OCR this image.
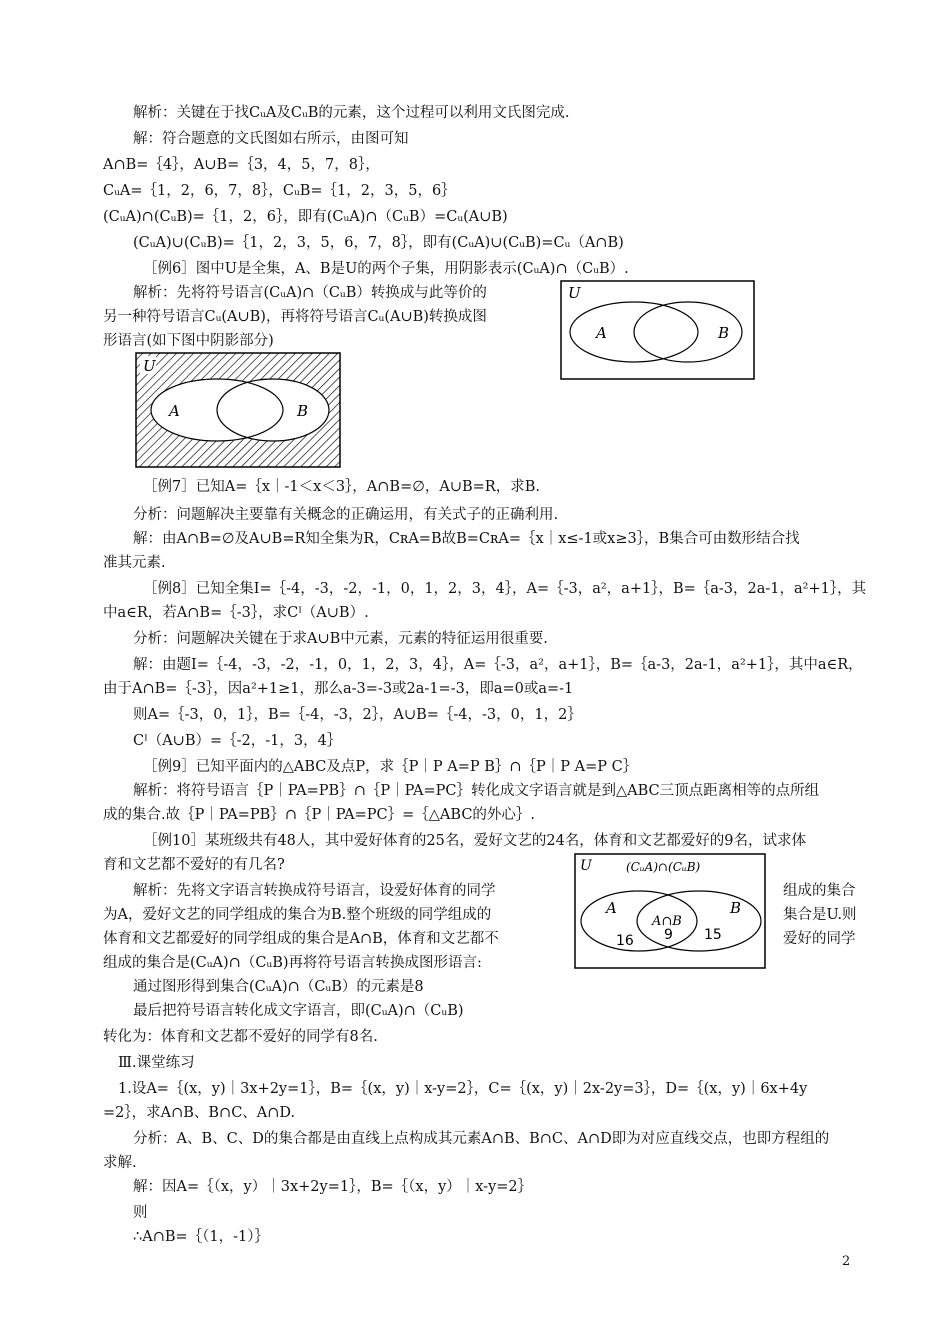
解析：关键在于找CᵤA及CᵤB的元素，这个过程可以利用文氏图完成.
解：符合题意的文氏图如右所示，由图可知
A∩B=｛4｝，A∪B=｛3，4，5，7，8｝，
CᵤA=｛1，2，6，7，8｝，CᵤB=｛1，2，3，5，6｝
(CᵤA)∩(CᵤB)=｛1，2，6｝，即有(CᵤA)∩（CᵤB）=Cᵤ(A∪B)
(CᵤA)∪(CᵤB)=｛1，2，3，5，6，7，8｝，即有(CᵤA)∪(CᵤB)=Cᵤ（A∩B)
［例6］图中U是全集，A、B是U的两个子集，用阴影表示(CᵤA)∩（CᵤB）.
解析：先将符号语言(CᵤA)∩（CᵤB）转换成与此等价的
另一种符号语言Cᵤ(A∪B)，再将符号语言Cᵤ(A∪B)转换成图
形语言(如下图中阴影部分)
［例7］已知A=｛x｜-1＜x＜3｝，A∩B=∅，A∪B=R，求B.
分析：问题解决主要靠有关概念的正确运用，有关式子的正确利用.
解：由A∩B=∅及A∪B=R知全集为R，CʀA=B故B=CʀA=｛x｜x≤-1或x≥3｝，B集合可由数形结合找
准其元素.
［例8］已知全集I=｛-4，-3，-2，-1，0，1，2，3，4｝，A=｛-3，a²，a+1｝，B=｛a-3，2a-1，a²+1｝，其
中a∈R，若A∩B=｛-3｝，求Cᴵ（A∪B）.
分析：问题解决关键在于求A∪B中元素，元素的特征运用很重要.
解：由题I=｛-4，-3，-2，-1，0，1，2，3，4｝，A=｛-3，a²，a+1｝，B=｛a-3，2a-1，a²+1｝，其中a∈R，
由于A∩B=｛-3｝，因a²+1≥1，那么a-3=-3或2a-1=-3，即a=0或a=-1
则A=｛-3，0，1｝，B=｛-4，-3，2｝，A∪B=｛-4，-3，0，1，2｝
Cᴵ（A∪B）=｛-2，-1，3，4｝
［例9］已知平面内的△ABC及点P，求｛P｜P A=P B｝∩｛P｜P A=P C｝
解析：将符号语言｛P｜PA=PB｝∩｛P｜PA=PC｝转化成文字语言就是到△ABC三顶点距离相等的点所组
成的集合.故｛P｜PA=PB｝∩｛P｜PA=PC｝=｛△ABC的外心｝.
［例10］某班级共有48人，其中爱好体育的25名，爱好文艺的24名，体育和文艺都爱好的9名，试求体
育和文艺都不爱好的有几名?
解析：先将文字语言转换成符号语言，设爱好体育的同学	组成的集合
为A，爱好文艺的同学组成的集合为B.整个班级的同学组成的	集合是U.则
体育和文艺都爱好的同学组成的集合是A∩B，体育和文艺都不	爱好的同学
组成的集合是(CᵤA)∩（CᵤB)再将符号语言转换成图形语言:
通过图形得到集合(CᵤA)∩（CᵤB）的元素是8
最后把符号语言转化成文字语言，即(CᵤA)∩（CᵤB)
转化为：体育和文艺都不爱好的同学有8名.
Ⅲ.课堂练习
1.设A=｛(x，y)｜3x+2y=1｝，B=｛(x，y)｜x-y=2｝，C=｛(x，y)｜2x-2y=3｝，D=｛(x，y)｜6x+4y
=2｝，求A∩B、B∩C、A∩D.
分析：A、B、C、D的集合都是由直线上点构成其元素A∩B、B∩C、A∩D即为对应直线交点，也即方程组的
求解.
解：因A=｛（x，y）｜3x+2y=1｝，B=｛（x，y）｜x-y=2｝
则
∴A∩B=｛（1，-1）｝
U
A	B
U
A	B
U	(CᵤA)∩(CᵤB)
A	B
A∩B
16 9 15
2
